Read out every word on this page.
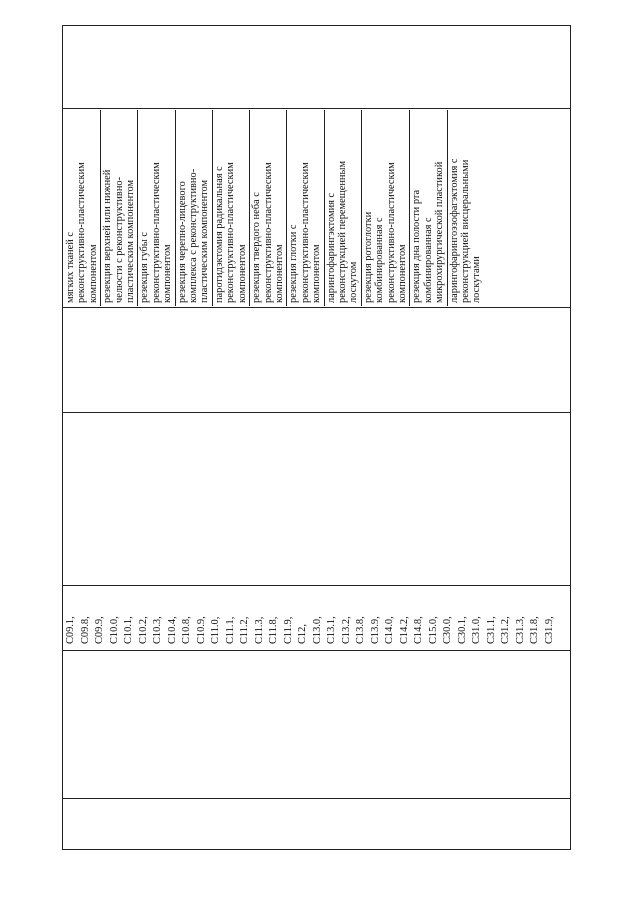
мягких тканей с
реконструктивно-пластическим
компонентом резекция верхней или нижней
челюсти с реконструктивно-
пластическим компонентом
резекция губы с
реконструктивно-пластическим
компонентом резекция черепно-лицевого
комплекса с реконструктивно-
пластическим компонентом
паротидэктомия радикальная с
реконструктивно-пластическим
компонентом резекция твердого неба с
реконструктивно-пластическим
компонентом резекция глотки с
реконструктивно-пластическим
компонентом ларингофарингэктомия с
реконструкцией перемещенным
лоскутом резекция ротоглотки
комбинированная с
реконструктивно-пластическим
компонентом резекция дна полости рта
комбинированная с
микрохирургической пластикой ларингофарингоэзофагэктомия с
реконструкцией висцеральными
лоскутами
C09.1, C09.8, C09.9, C10.0, C10.1, C10.2, C10.3, C10.4, C10.8, C10.9, C11.0, C11.1, C11.2, C11.3, C11.8, C11.9, C12, C13.0, C13.1, C13.2, C13.8, C13.9, C14.0, C14.2, C14.8, C15.0, C30.0, C30.1, C31.0, C31.1, C31.2, C31.3, C31.8, C31.9,
